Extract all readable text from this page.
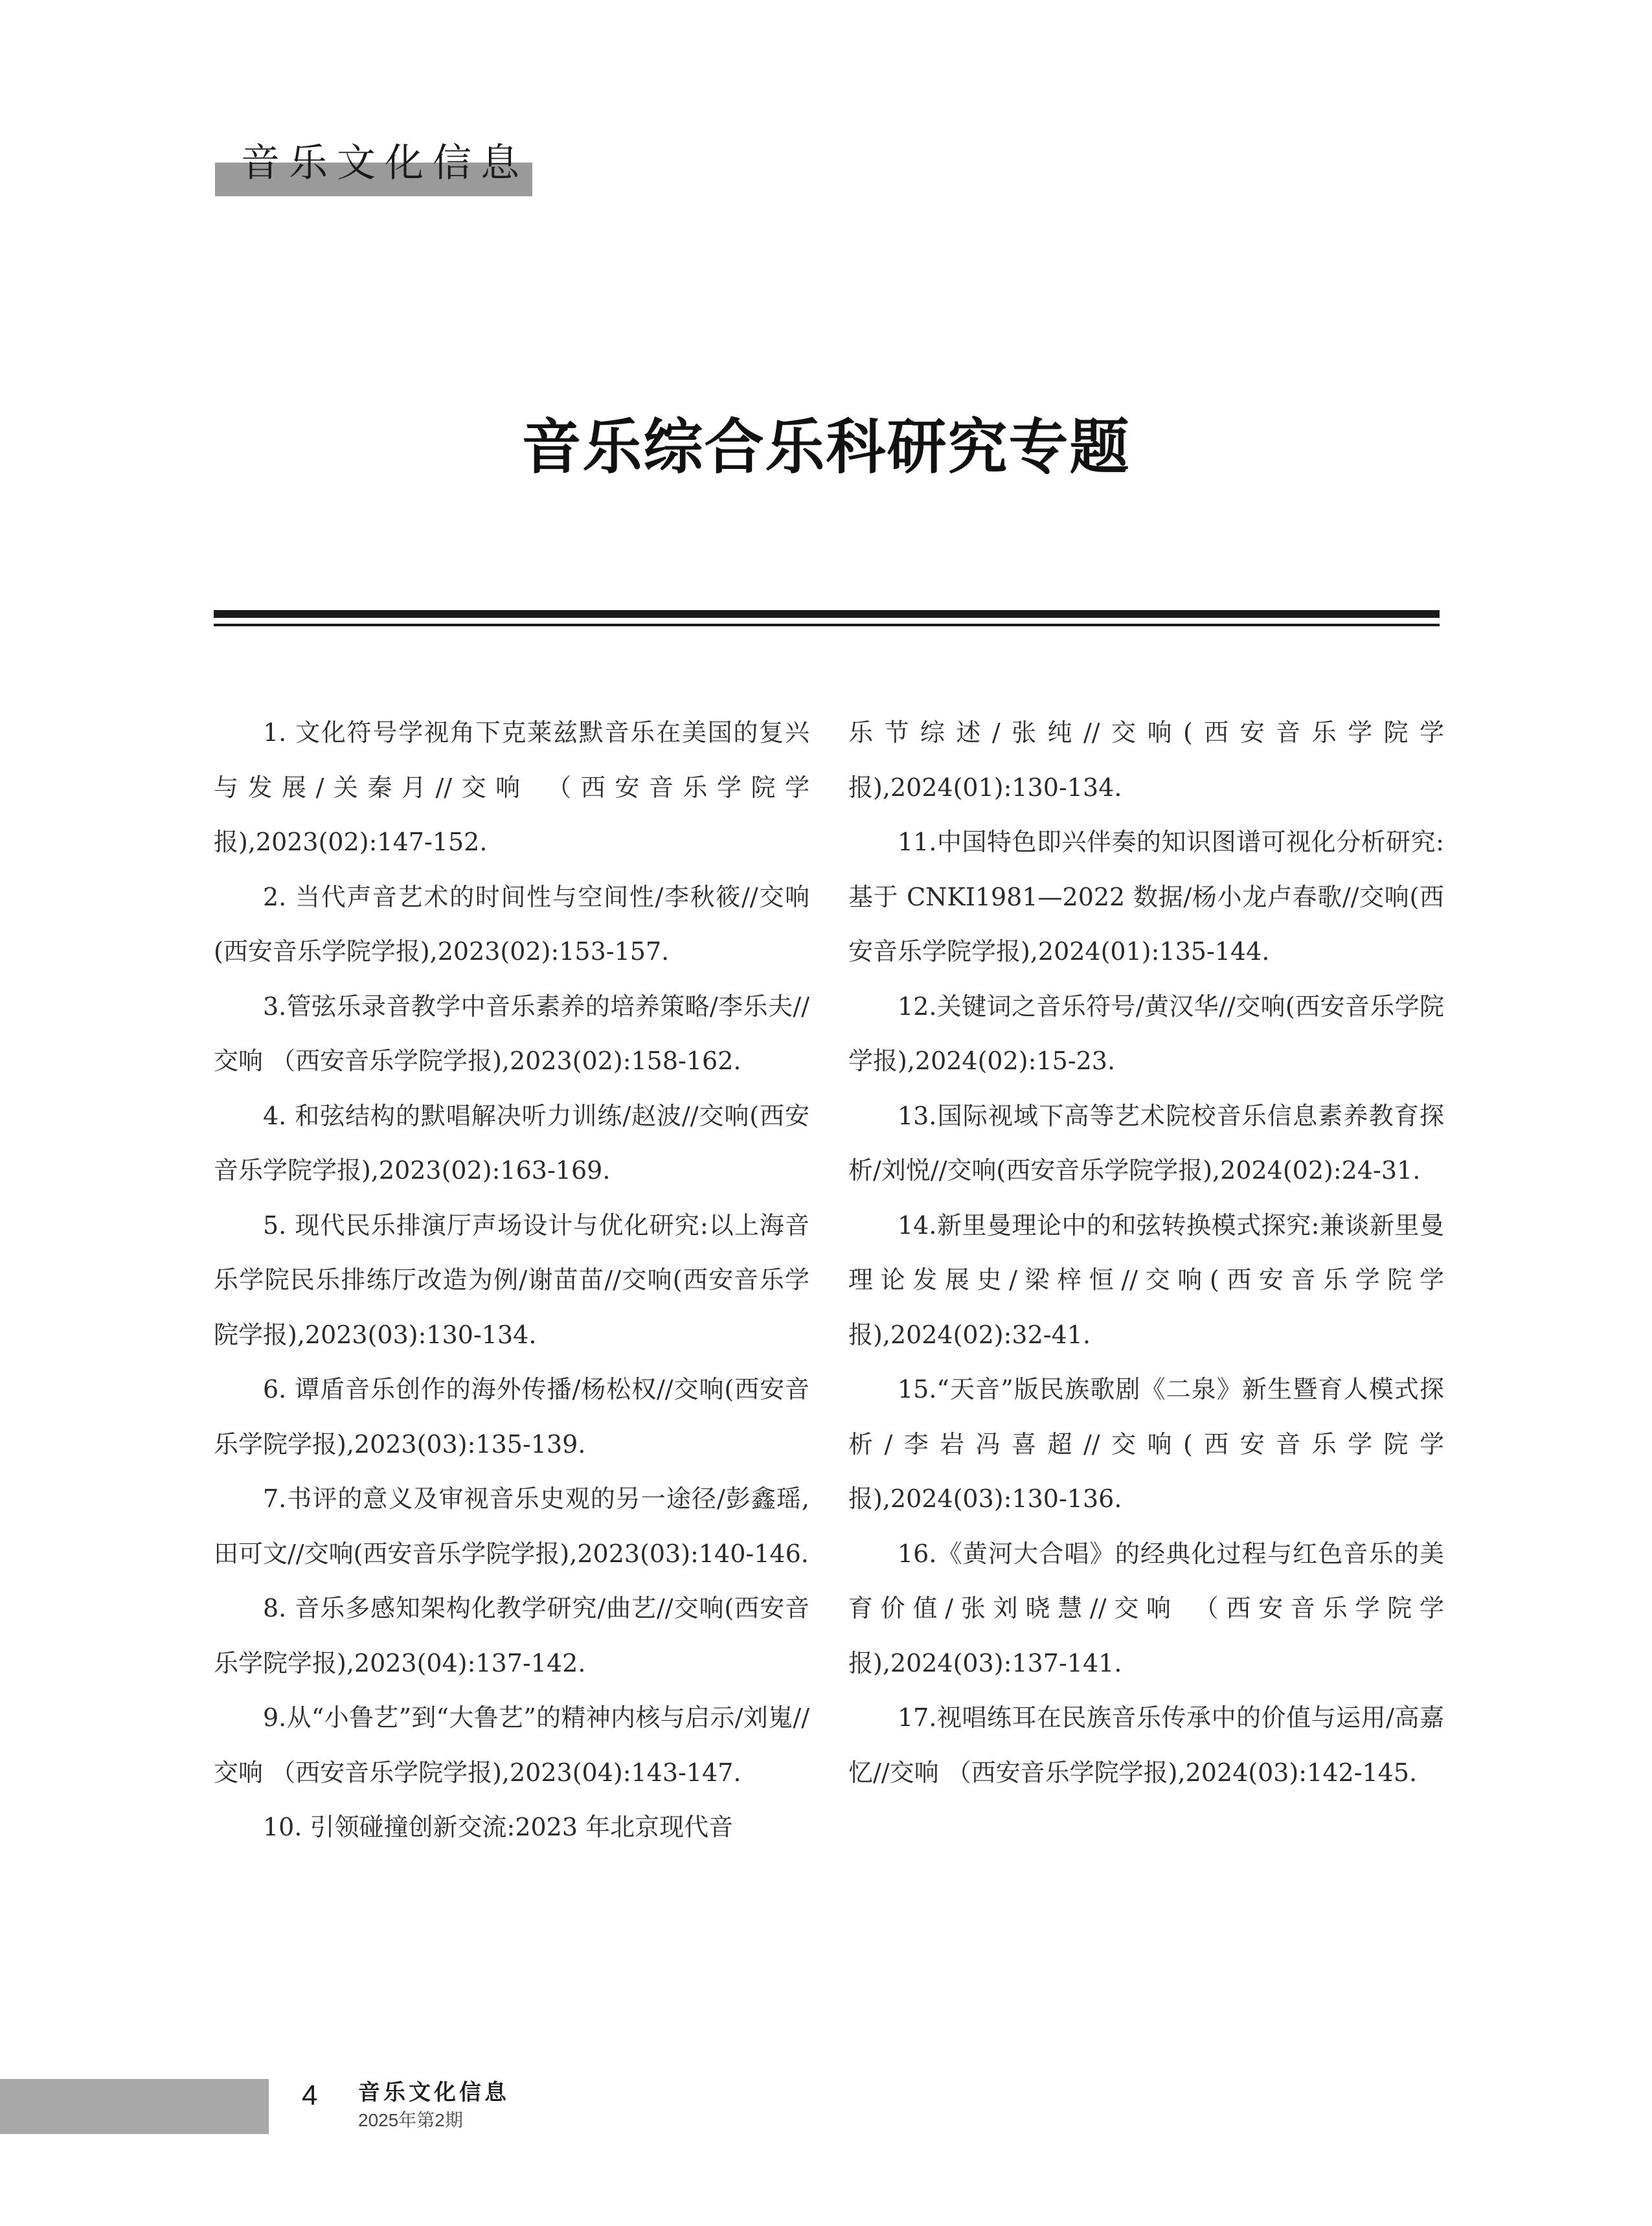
音乐文化信息
音乐综合乐科研究专题

1. 文化符号学视角下克莱兹默音乐在美国的复兴与发展/关秦月//交响 （西安音乐学院学报),2023(02):147-152.

2. 当代声音艺术的时间性与空间性/李秋筱//交响(西安音乐学院学报),2023(02):153-157.

3.管弦乐录音教学中音乐素养的培养策略/李乐夫//交响 （西安音乐学院学报),2023(02):158-162.

4. 和弦结构的默唱解决听力训练/赵波//交响(西安音乐学院学报),2023(02):163-169.

5. 现代民乐排演厅声场设计与优化研究:以上海音乐学院民乐排练厅改造为例/谢苗苗//交响(西安音乐学院学报),2023(03):130-134.

6. 谭盾音乐创作的海外传播/杨松权//交响(西安音乐学院学报),2023(03):135-139.

7.书评的意义及审视音乐史观的另一途径/彭鑫瑶,田可文//交响(西安音乐学院学报),2023(03):140-146.

8. 音乐多感知架构化教学研究/曲艺//交响(西安音乐学院学报),2023(04):137-142.

9.从“小鲁艺”到“大鲁艺”的精神内核与启示/刘嵬//交响 （西安音乐学院学报),2023(04):143-147.

10. 引领碰撞创新交流:2023 年北京现代音

乐节综述/张纯//交响(西安音乐学院学报),2024(01):130-134.

11.中国特色即兴伴奏的知识图谱可视化分析研究:基于 CNKI1981—2022 数据/杨小龙卢春歌//交响(西安音乐学院学报),2024(01):135-144.

12.关键词之音乐符号/黄汉华//交响(西安音乐学院学报),2024(02):15-23.

13.国际视域下高等艺术院校音乐信息素养教育探析/刘悦//交响(西安音乐学院学报),2024(02):24-31.

14.新里曼理论中的和弦转换模式探究:兼谈新里曼理论发展史/梁梓恒//交响(西安音乐学院学报),2024(02):32-41.

15.“天音”版民族歌剧《二泉》新生暨育人模式探析/李岩冯喜超//交响(西安音乐学院学报),2024(03):130-136.

16.《黄河大合唱》的经典化过程与红色音乐的美育价值/张刘晓慧//交响 （西安音乐学院学报),2024(03):137-141.

17.视唱练耳在民族音乐传承中的价值与运用/高嘉忆//交响 （西安音乐学院学报),2024(03):142-145.

4 音乐文化信息
2025年第2期
